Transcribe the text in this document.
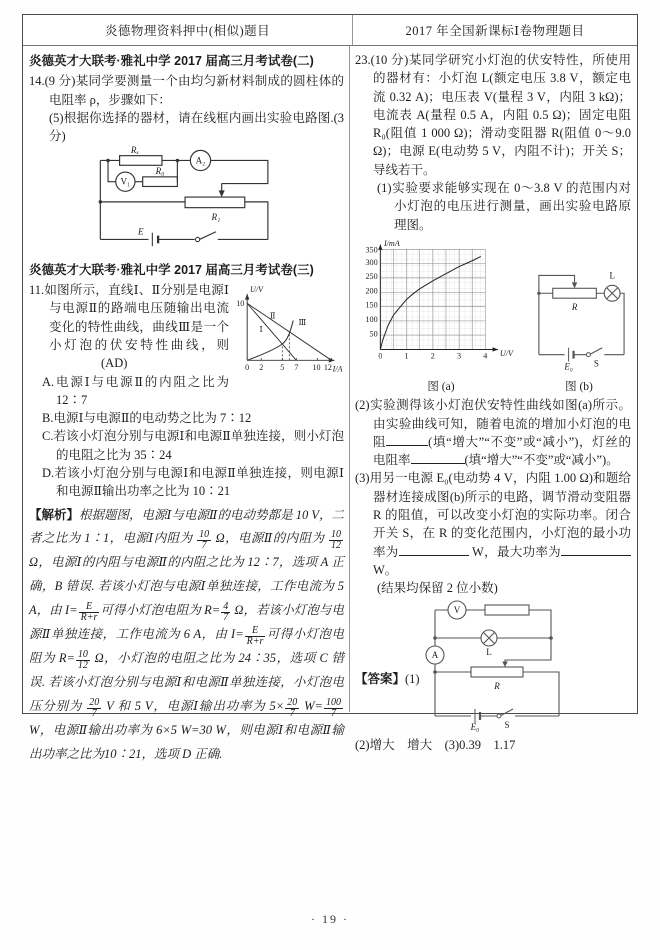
炎德物理资料押中(相似)题目	2017 年全国新课标Ⅰ卷物理题目
炎德英才大联考·雅礼中学 2017 届高三月考试卷(二)
14.(9 分)某同学要测量一个由均匀新材料制成的圆柱体的电阻率 ρ，步骤如下：
(5)根据你选择的器材，请在线框内画出实验电路图.(3 分)
Rₓ
A₂
V₁
R₀
R₁
E
炎德英才大联考·雅礼中学 2017 届高三月考试卷(三)
U/V
10
0 2 5 7 10 12 I/A
Ⅱ
Ⅰ
Ⅲ
11.如图所示，直线Ⅰ、Ⅱ分别是电源Ⅰ与电源Ⅱ的路端电压随输出电流变化的特性曲线，曲线Ⅲ是一个小灯泡的伏安特性曲线，则(AD)
A.电源Ⅰ与电源Ⅱ的内阻之比为 12∶7
B.电源Ⅰ与电源Ⅱ的电动势之比为 7∶12
C.若该小灯泡分别与电源Ⅰ和电源Ⅱ单独连接，则小灯泡的电阻之比为 35∶24
D.若该小灯泡分别与电源Ⅰ和电源Ⅱ单独连接，则电源Ⅰ和电源Ⅱ输出功率之比为 10∶21
【解析】根据题图，电源Ⅰ与电源Ⅱ的电动势都是 10 V，二者之比为 1∶1，电源Ⅰ内阻为 $\frac{10}{7}$ Ω，电源Ⅱ的内阻为 $\frac{10}{12}$
Ω，电源Ⅰ的内阻与电源Ⅱ的内阻之比为 12∶7，选项 A 正确，B 错误. 若该小灯泡与电源Ⅰ单独连接，工作电流为 5 A，由 $I= \frac{E}{R+r}$ 可得小灯泡电阻为 $R= \frac{4}{7}$ Ω，若该小灯泡与电源Ⅱ单独连接，工作电流为 6 A，由 $I= \frac{E}{R+r}$ 可得小灯泡电阻为 $R= \frac{10}{12}$ Ω，小灯泡的电阻之比为 24∶35，选项 C 错误. 若该小灯泡分别与电源Ⅰ和电源Ⅱ单独连接，小灯泡电压分别为 $\frac{20}{7}$ V 和 5 V，电源Ⅰ输出功率为 $5\times \frac{20}{7} W= \frac{100}{7}$
W，电源Ⅱ输出功率为 6×5 W=30 W，则电源Ⅰ和电源Ⅱ输出功率之比为10∶21，选项 D 正确.
23.(10 分)某同学研究小灯泡的伏安特性，所使用的器材有：小灯泡 L(额定电压 3.8 V，额定电流 0.32 A)；电压表 V(量程 3 V，内阻 3 kΩ)；电流表 A(量程 0.5 A，内阻 0.5 Ω)；固定电阻 R₀(阻值 1 000 Ω)；滑动变阻器 R(阻值 0～9.0 Ω)；电源 E(电动势 5 V，内阻不计)；开关 S；导线若干。
(1)实验要求能够实现在 0～3.8 V 的范围内对小灯泡的电压进行测量，画出实验电路原理图。
I/mA
50
100
150
200
250
300
350
0 1 2 3 4 U/V
图 (a)
L
R
E₀ S
图 (b)
(2)实验测得该小灯泡伏安特性曲线如图(a)所示。由实验曲线可知，随着电流的增加小灯泡的电阻	(填“增大”“不变”或“减小”)，灯丝的电阻率	(填“增大”“不变”或“减小”)。
(3)用另一电源 E₀(电动势 4 V，内阻 1.00 Ω)和题给器材连接成图(b)所示的电路，调节滑动变阻器 R 的阻值，可以改变小灯泡的实际功率。闭合开关 S，在 R 的变化范围内，小灯泡的最小功率为	W，最大功率为 W。
(结果均保留 2 位小数)
【答案】(1)
V
A	L
R
E₀	S
(2)增大　增大　(3)0.39　1.17
· 19 ·
